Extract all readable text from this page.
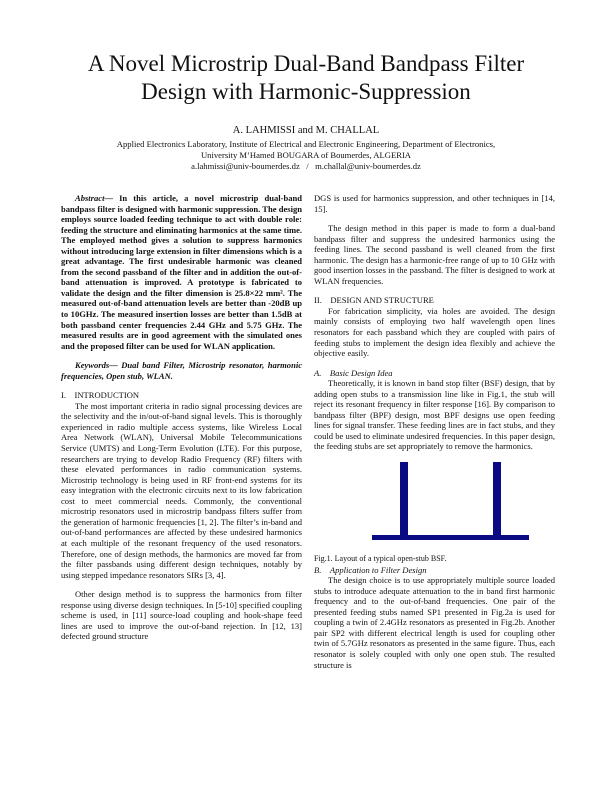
A Novel Microstrip Dual-Band Bandpass Filter
Design with Harmonic-Suppression
A. LAHMISSI and M. CHALLAL
Applied Electronics Laboratory, Institute of Electrical and Electronic Engineering, Department of Electronics,
University M’Hamed BOUGARA of Boumerdes, ALGERIA
a.lahmissi@univ-boumerdes.dz / m.challal@univ-boumerdes.dz

Abstract— In this article, a novel microstrip dual-band bandpass filter is designed with harmonic suppression. The design employs source loaded feeding technique to act with double role: feeding the structure and eliminating harmonics at the same time. The employed method gives a solution to suppress harmonics without introducing large extension in filter dimensions which is a great advantage. The first undesirable harmonic was cleaned from the second passband of the filter and in addition the out-of-band attenuation is improved. A prototype is fabricated to validate the design and the filter dimension is 25.8×22 mm². The measured out-of-band attenuation levels are better than -20dB up to 10GHz. The measured insertion losses are better than 1.5dB at both passband center frequencies 2.44 GHz and 5.75 GHz. The measured results are in good agreement with the simulated ones and the proposed filter can be used for WLAN application.

Keywords— Dual band Filter, Microstrip resonator, harmonic frequencies, Open stub, WLAN.

I. INTRODUCTION

The most important criteria in radio signal processing devices are the selectivity and the in/out-of-band signal levels. This is thoroughly experienced in radio multiple access systems, like Wireless Local Area Network (WLAN), Universal Mobile Telecommunications Service (UMTS) and Long-Term Evolution (LTE). For this purpose, researchers are trying to develop Radio Frequency (RF) filters with these elevated performances in radio communication systems. Microstrip technology is being used in RF front-end systems for its easy integration with the electronic circuits next to its low fabrication cost to meet commercial needs. Commonly, the conventional microstrip resonators used in microstrip bandpass filters suffer from the generation of harmonic frequencies [1, 2]. The filter’s in-band and out-of-band performances are affected by these undesired harmonics at each multiple of the resonant frequency of the used resonators. Therefore, one of design methods, the harmonics are moved far from the filter passbands using different design techniques, notably by using stepped impedance resonators SIRs [3, 4].

Other design method is to suppress the harmonics from filter response using diverse design techniques. In [5-10] specified coupling scheme is used, in [11] source-load coupling and hook-shape feed lines are used to improve the out-of-band rejection. In [12, 13] defected ground structure

DGS is used for harmonics suppression, and other techniques in [14, 15].

The design method in this paper is made to form a dual-band bandpass filter and suppress the undesired harmonics using the feeding lines. The second passband is well cleaned from the first harmonic. The design has a harmonic-free range of up to 10 GHz with good insertion losses in the passband. The filter is designed to work at WLAN frequencies.

II. DESIGN AND STRUCTURE

For fabrication simplicity, via holes are avoided. The design mainly consists of employing two half wavelength open lines resonators for each passband which they are coupled with pairs of feeding stubs to implement the design idea flexibly and achieve the objective easily.

A. Basic Design Idea

Theoretically, it is known in band stop filter (BSF) design, that by adding open stubs to a transmission line like in Fig.1, the stub will reject its resonant frequency in filter response [16]. By comparison to bandpass filter (BPF) design, most BPF designs use open feeding lines for signal transfer. These feeding lines are in fact stubs, and they could be used to eliminate undesired frequencies. In this paper design, the feeding stubs are set appropriately to remove the harmonics.

Fig.1. Layout of a typical open-stub BSF.

B. Application to Filter Design

The design choice is to use appropriately multiple source loaded stubs to introduce adequate attenuation to the in band first harmonic frequency and to the out-of-band frequencies. One pair of the presented feeding stubs named SP1 presented in Fig.2a is used for coupling a twin of 2.4GHz resonators as presented in Fig.2b. Another pair SP2 with different electrical length is used for coupling other twin of 5.7GHz resonators as presented in the same figure. Thus, each resonator is solely coupled with only one open stub. The resulted structure is
